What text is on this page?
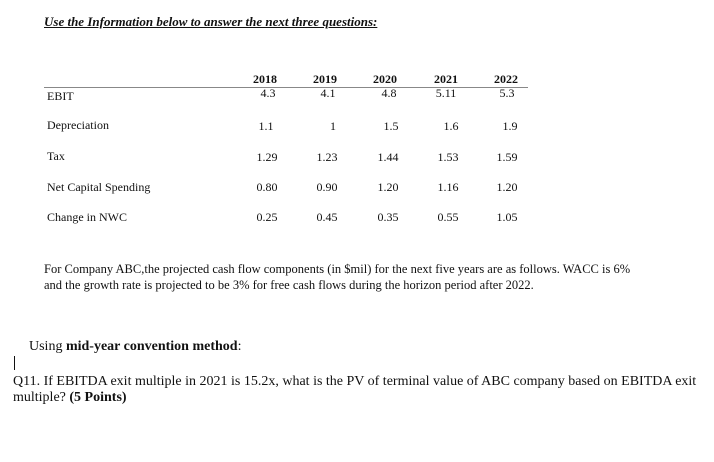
Use the Information below to answer the next three questions:
2018	2019	2020	2021	2022
EBIT	4.3	4.1	4.8	5.11	5.3
Depreciation	1.1	1	1.5	1.6	1.9
Tax	1.29	1.23	1.44	1.53	1.59
Net Capital Spending	0.80	0.90	1.20	1.16	1.20
Change in NWC	0.25	0.45	0.35	0.55	1.05
For Company ABC,the projected cash flow components (in $mil) for the next five years are as follows. WACC is 6% and the growth rate is projected to be 3% for free cash flows during the horizon period after 2022.
Using mid-year convention method:
Q11. If EBITDA exit multiple in 2021 is 15.2x, what is the PV of terminal value of ABC company based on EBITDA exit multiple? (5 Points)
